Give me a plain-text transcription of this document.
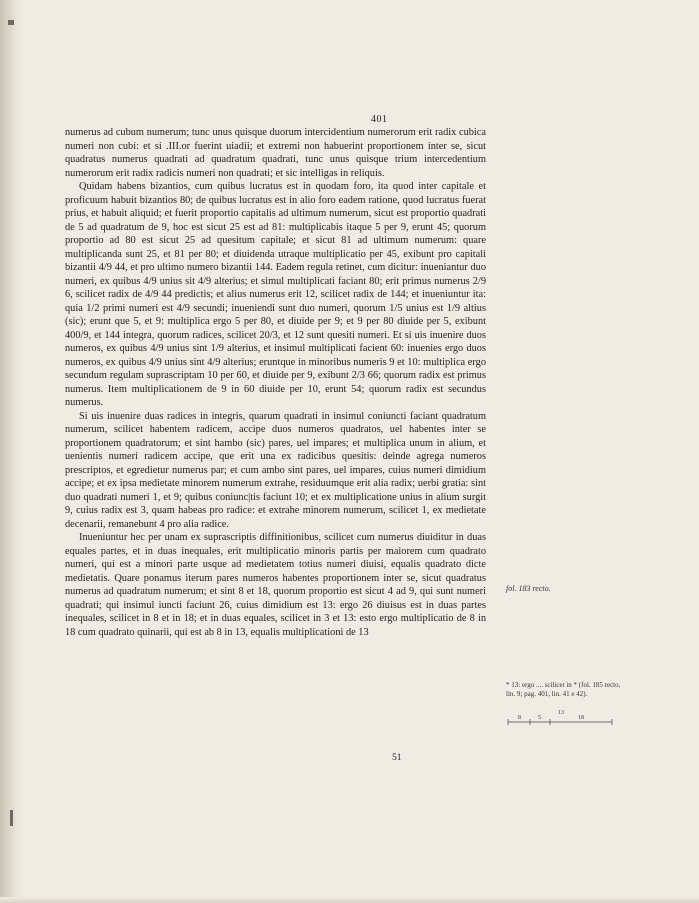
401

numerus ad cubum numerum; tunc unus quisque duorum intercidentium numerorum erit radix cubica numeri non cubi: et si .III.or fuerint uiadii; et extremi non habuerint proportionem inter se, sicut quadratus numerus quadrati ad quadratum quadrati, tunc unus quisque trium intercedentium numerorum erit radix radicis numeri non quadrati; et sic intelligas in reliquis.

Quidam habens bizantios, cum quibus lucratus est in quodam foro, ita quod inter capitale et proficuum habuit bizantios 80; de quibus lucratus est in alio foro eadem ratione, quod lucratus fuerat prius, et habuit aliquid; et fuerit proportio capitalis ad ultimum numerum, sicut est proportio quadrati de 5 ad quadratum de 9, hoc est sicut 25 est ad 81: multiplicabis itaque 5 per 9, erunt 45; quorum proportio ad 80 est sicut 25 ad quesitum capitale; et sicut 81 ad ultimum numerum: quare multiplicanda sunt 25, et 81 per 80; et diuidenda utraque multiplicatio per 45, exibunt pro capitali bizantii 4/9 44, et pro ultimo numero bizantii 144. Eadem regula retinet, cum dicitur: inueniantur duo numeri, ex quibus 4/9 unius sit 4/9 alterius; et simul multiplicati faciant 80; erit primus numerus 2/9 6, scilicet radix de 4/9 44 predictis; et alius numerus erit 12, scilicet radix de 144; et inueniuntur ita: quia 1/2 primi numeri est 4/9 secundi; inueniendi sunt duo numeri, quorum 1/5 unius est 1/9 altius (sic); erunt que 5, et 9: multiplica ergo 5 per 80, et diuide per 9; et 9 per 80 diuide per 5, exibunt 400/9, et 144 integra, quorum radices, scilicet 20/3, et 12 sunt quesiti numeri. Et si uis inuenire duos numeros, ex quibus 4/9 unius sint 1/9 alterius, et insimul multiplicati facient 60: inuenies ergo duos numeros, ex quibus 4/9 unius sint 4/9 alterius; eruntque in minoribus numeris 9 et 10: multiplica ergo secundum regulam suprascriptam 10 per 60, et diuide per 9, exibunt 2/3 66; quorum radix est primus numerus. Item multiplicationem de 9 in 60 diuide per 10, erunt 54; quorum radix est secundus numerus.

Si uis inuenire duas radices in integris, quarum quadrati in insimul coniuncti faciant quadratum numerum, scilicet habentem radicem, accipe duos numeros quadratos, uel habentes inter se proportionem quadratorum; et sint hambo (sic) pares, uel impares; et multiplica unum in alium, et uenientis numeri radicem accipe, que erit una ex radicibus quesitis: deinde agrega numeros prescriptos, et egredietur numerus par; et cum ambo sint pares, uel impares, cuius numeri dimidium accipe; et ex ipsa medietate minorem numerum extrahe, residuumque erit alia radix; uerbi gratia: sint duo quadrati numeri 1, et 9; quibus coniunc|tis faciunt 10; et ex multiplicatione unius in alium surgit 9, cuius radix est 3, quam habeas pro radice: et extrahe minorem numerum, scilicet 1, ex medietate decenarii, remanebunt 4 pro alia radice.

Inueniuntur hec per unam ex suprascriptis diffinitionibus, scilicet cum numerus diuiditur in duas equales partes, et in duas inequales, erit multiplicatio minoris partis per maiorem cum quadrato numeri, qui est a minori parte usque ad medietatem totius numeri diuisi, equalis quadrato dicte medietatis. Quare ponamus iterum pares numeros habentes proportionem inter se, sicut quadratus numerus ad quadratum numerum; et sint 8 et 18, quorum proportio est sicut 4 ad 9, qui sunt numeri quadrati; qui insimul iuncti faciunt 26, cuius dimidium est 13: ergo 26 diuisus est in duas partes inequales, scilicet in 8 et in 18; et in duas equales, scilicet in 3 et 13: esto ergo multiplicatio de 8 in 18 cum quadrato quinarii, qui est ab 8 in 13, equalis multiplicationi de 13

51
fol. 183 recto.
* 13: ergo .... scilicet in * (fol. 185 recto, lin. 9; pag. 401, lin. 41 e 42).
8	5
13
18
